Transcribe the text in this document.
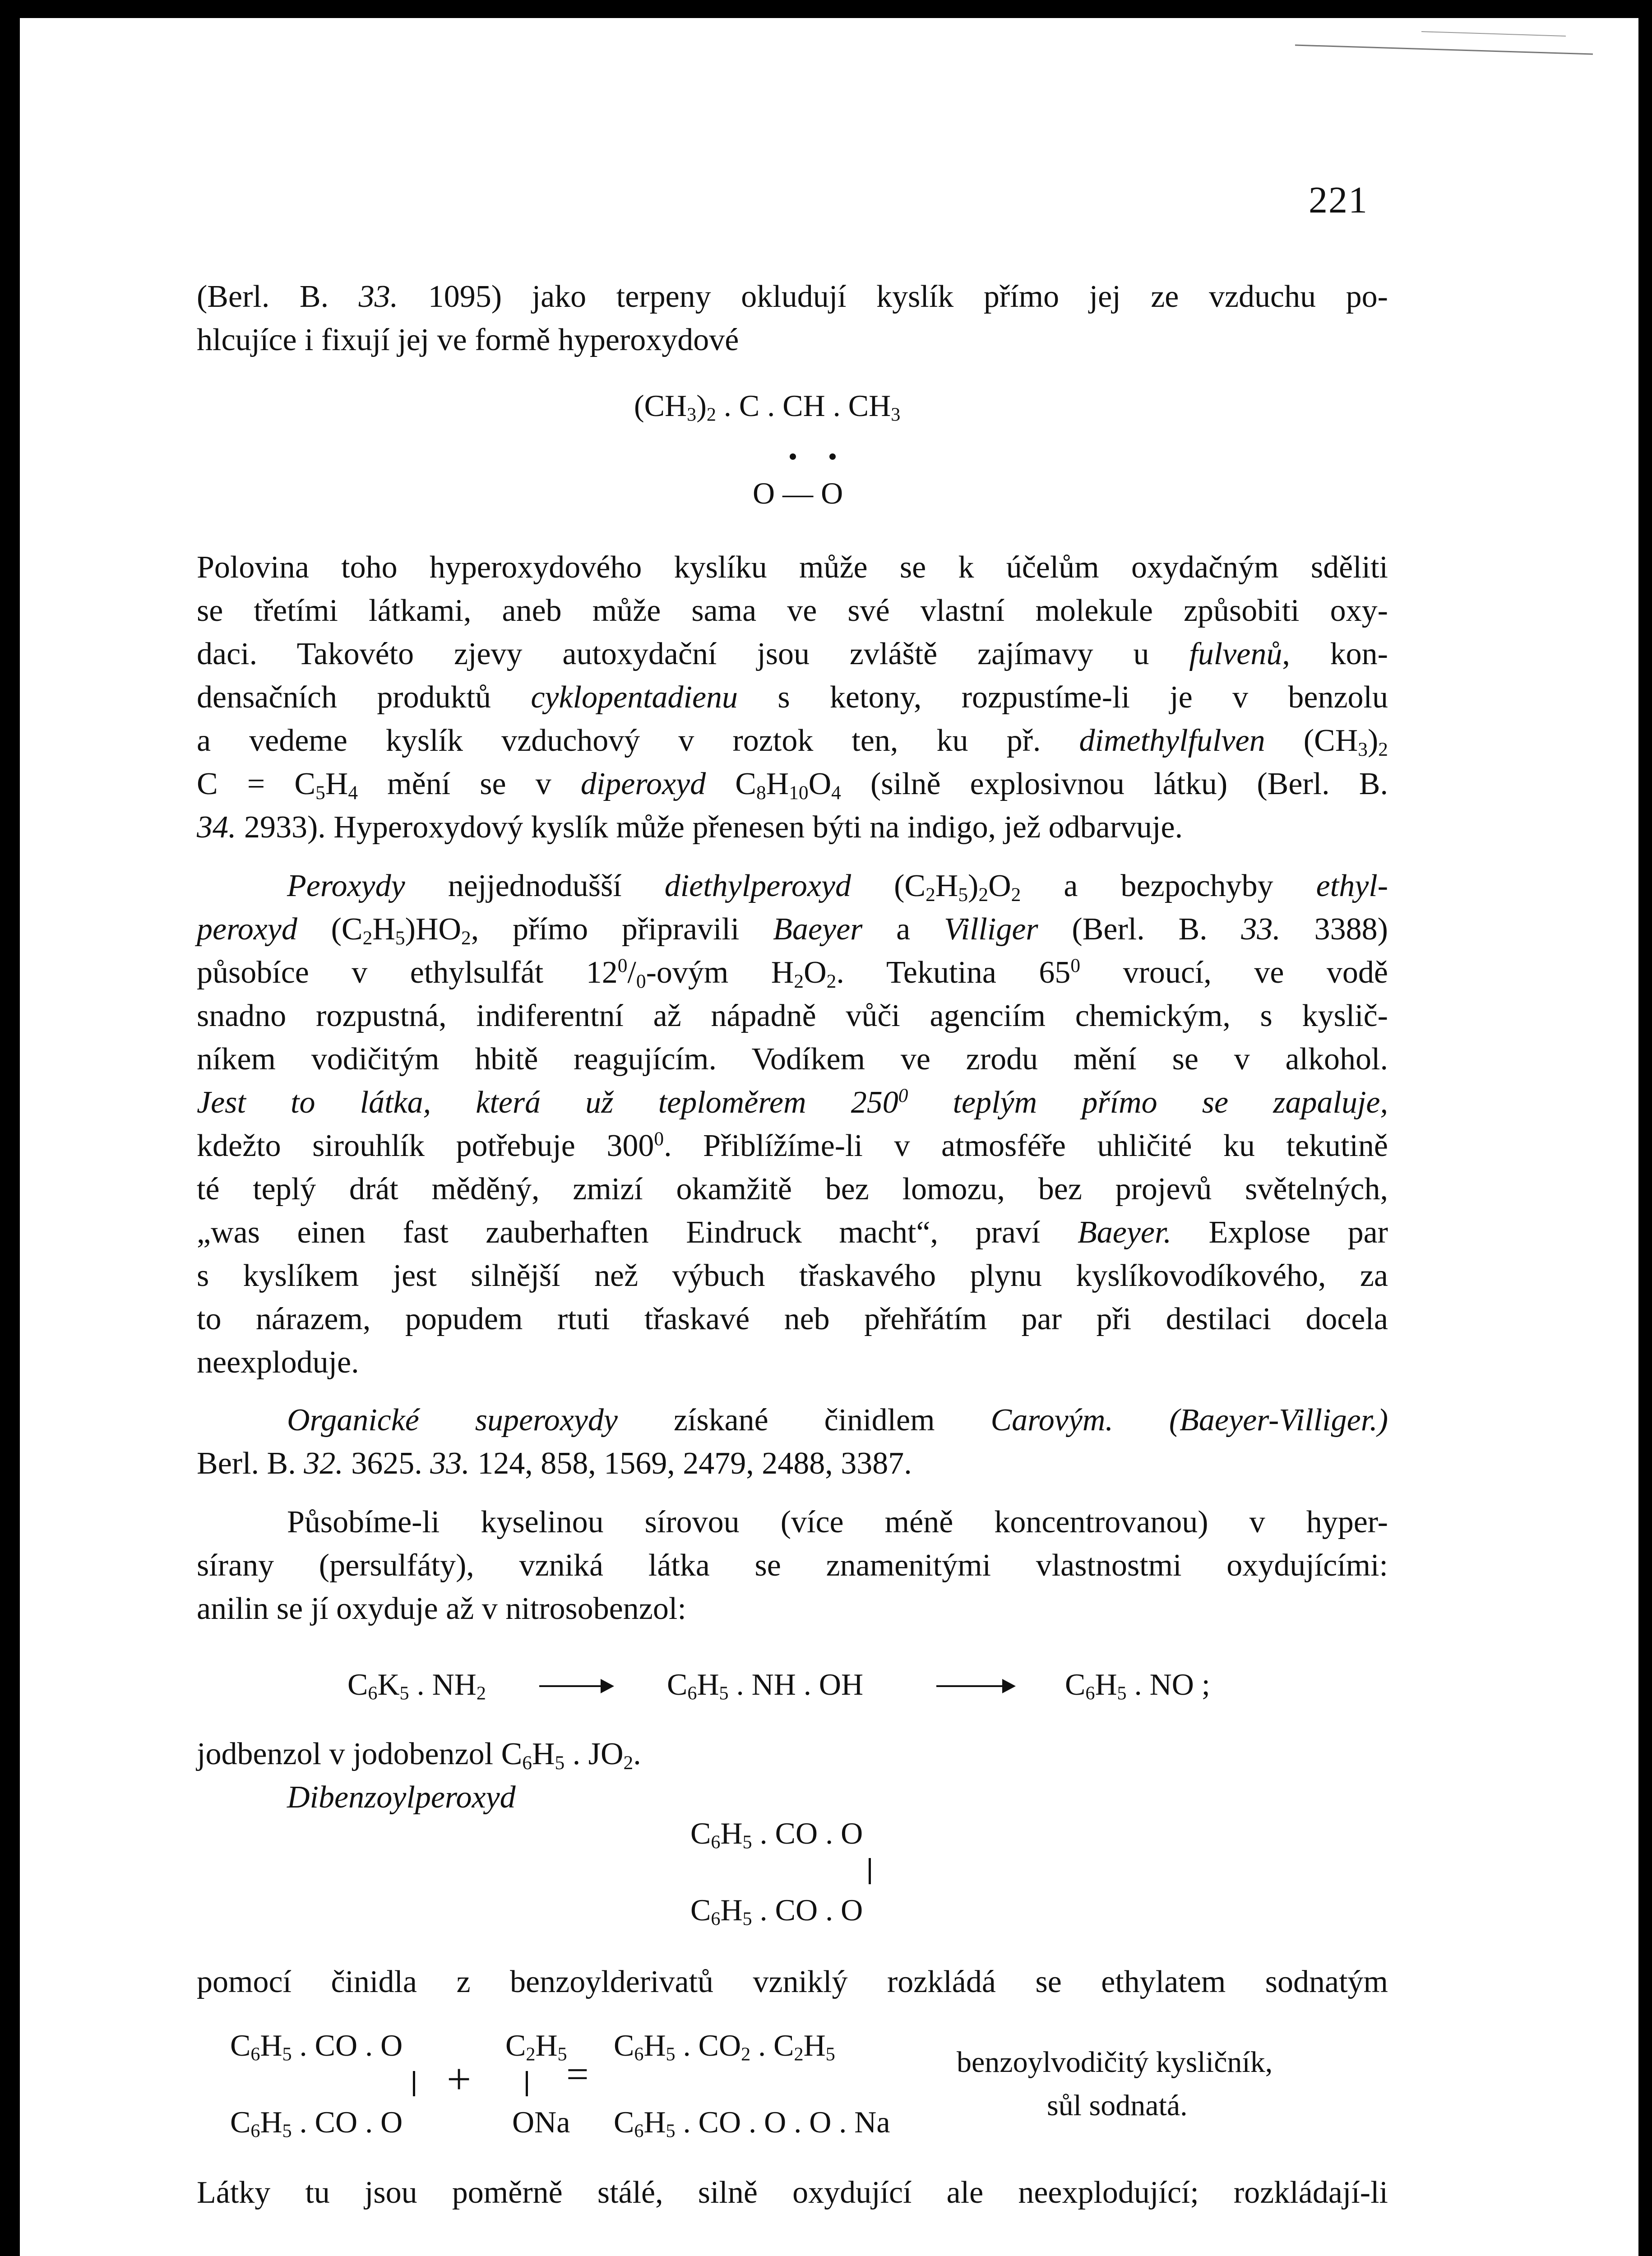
221
(Berl. B. 33. 1095) jako terpeny okludují kyslík přímo jej ze vzduchu po-
hlcujíce i fixují jej ve formě hyperoxydové
$(CH_3)_2$ . C . CH . $CH_3$
O — O
Polovina toho hyperoxydového kyslíku může se k účelům oxydačným sděliti
se třetími látkami, aneb může sama ve své vlastní molekule způsobiti oxy-
daci. Takovéto zjevy autoxydační jsou zvláště zajímavy u fulvenů, kon-
densačních produktů cyklopentadienu s ketony, rozpustíme-li je v benzolu
a vedeme kyslík vzduchový v roztok ten, ku př. dimethylfulven $(CH_3)_2$
$C = C_5H_4$ mění se v diperoxyd $C_8H_{10}O_4$ (silně explosivnou látku) (Berl. B.
34. 2933). Hyperoxydový kyslík může přenesen býti na indigo, jež odbarvuje.
Peroxydy nejjednodušší diethylperoxyd $(C_2H_5)_2O_2$ a bezpochyby ethyl-
peroxyd $(C_2H_5)HO_2$, přímo připravili Baeyer a Villiger (Berl. B. 33. 3388)
působíce v ethylsulfát $12^0/_0$-ovým $H_2O_2$. Tekutina $65^0$ vroucí, ve vodě
snadno rozpustná, indiferentní až nápadně vůči agenciím chemickým, s kyslič-
níkem vodičitým hbitě reagujícím. Vodíkem ve zrodu mění se v alkohol.
Jest to látka, která už teploměrem $250^0$ teplým přímo se zapaluje,
kdežto sirouhlík potřebuje $300^0$. Přiblížíme-li v atmosféře uhličité ku tekutině
té teplý drát měděný, zmizí okamžitě bez lomozu, bez projevů světelných,
„was einen fast zauberhaften Eindruck macht“, praví Baeyer. Explose par
s kyslíkem jest silnější než výbuch třaskavého plynu kyslíkovodíkového, za
to nárazem, popudem rtuti třaskavé neb přehřátím par při destilaci docela
neexploduje.
Organické superoxydy získané činidlem Carovým. (Baeyer-Villiger.)
Berl. B. 32. 3625. 33. 124, 858, 1569, 2479, 2488, 3387.
Působíme-li kyselinou sírovou (více méně koncentrovanou) v hyper-
sírany (persulfáty), vzniká látka se znamenitými vlastnostmi oxydujícími:
anilin se jí oxyduje až v nitrosobenzol:
$C_6K_5$ . $NH_2$	$C_6H_5$ . NH . OH	$C_6H_5$ . NO ;
jodbenzol v jodobenzol $C_6H_5$ . $JO_2$.
Dibenzoylperoxyd
$C_6H_5$ . CO . O
$C_6H_5$ . CO . O
pomocí činidla z benzoylderivatů vzniklý rozkládá se ethylatem sodnatým
$C_6H_5$ . CO . O
$C_6H_5$ . CO . O
+
$C_2H_5$
ONa
=
$C_6H_5$ . $CO_2$ . $C_2H_5$
$C_6H_5$ . CO . O . O . Na
benzoylvodičitý kysličník,
sůl sodnatá.
Látky tu jsou poměrně stálé, silně oxydující ale neexplodující; rozkládají-li
